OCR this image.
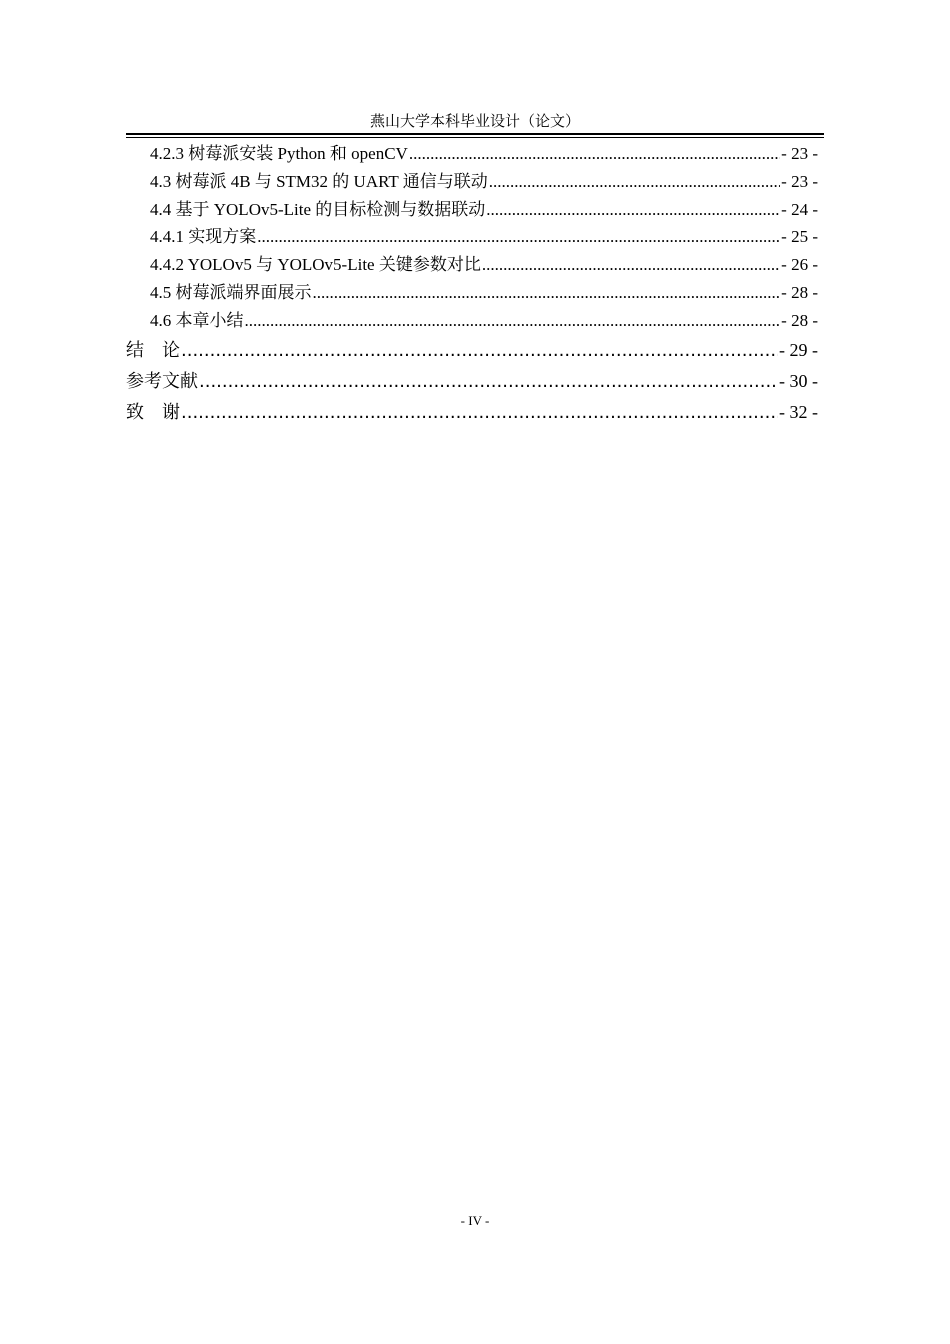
燕山大学本科毕业设计（论文）
4.2.3 树莓派安装 Python 和 openCV .....	- 23 -
4.3 树莓派 4B 与 STM32 的 UART 通信与联动 .....	- 23 -
4.4 基于 YOLOv5-Lite 的目标检测与数据联动 .....	- 24 -
4.4.1 实现方案 .....	- 25 -
4.4.2 YOLOv5 与 YOLOv5-Lite 关键参数对比 .....	- 26 -
4.5 树莓派端界面展示 .....	- 28 -
4.6 本章小结 .....	- 28 -
结　论 .....	- 29 -
参考文献 .....	- 30 -
致　谢 .....	- 32 -
- IV -
